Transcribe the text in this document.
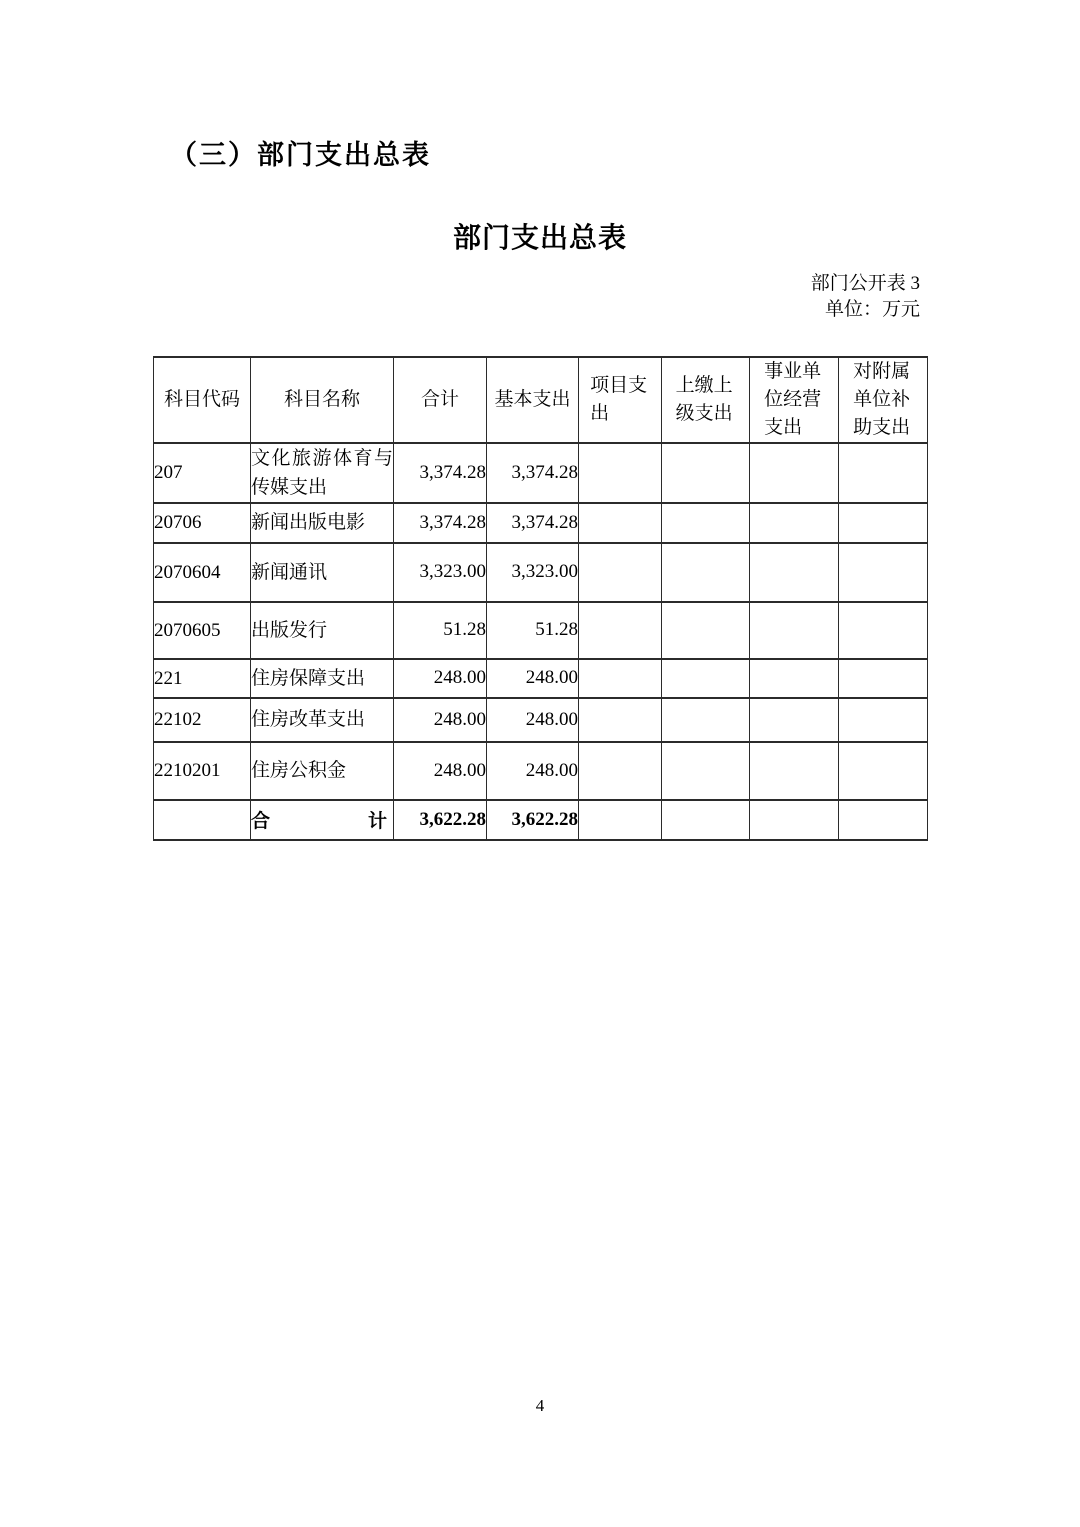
（三）部门支出总表
部门支出总表
部门公开表 3
单位：万元
科目代码	科目名称	合计	基本支出	项目支出	上缴上级支出	事业单位经营支出	对附属单位补助支出
207	文化旅游体育与传媒支出	3,374.28	3,374.28				
20706	新闻出版电影	3,374.28	3,374.28				
2070604	新闻通讯	3,323.00	3,323.00				
2070605	出版发行	51.28	51.28				
221	住房保障支出	248.00	248.00				
22102	住房改革支出	248.00	248.00				
2210201	住房公积金	248.00	248.00				

	合 计	3,622.28	3,622.28				
4
